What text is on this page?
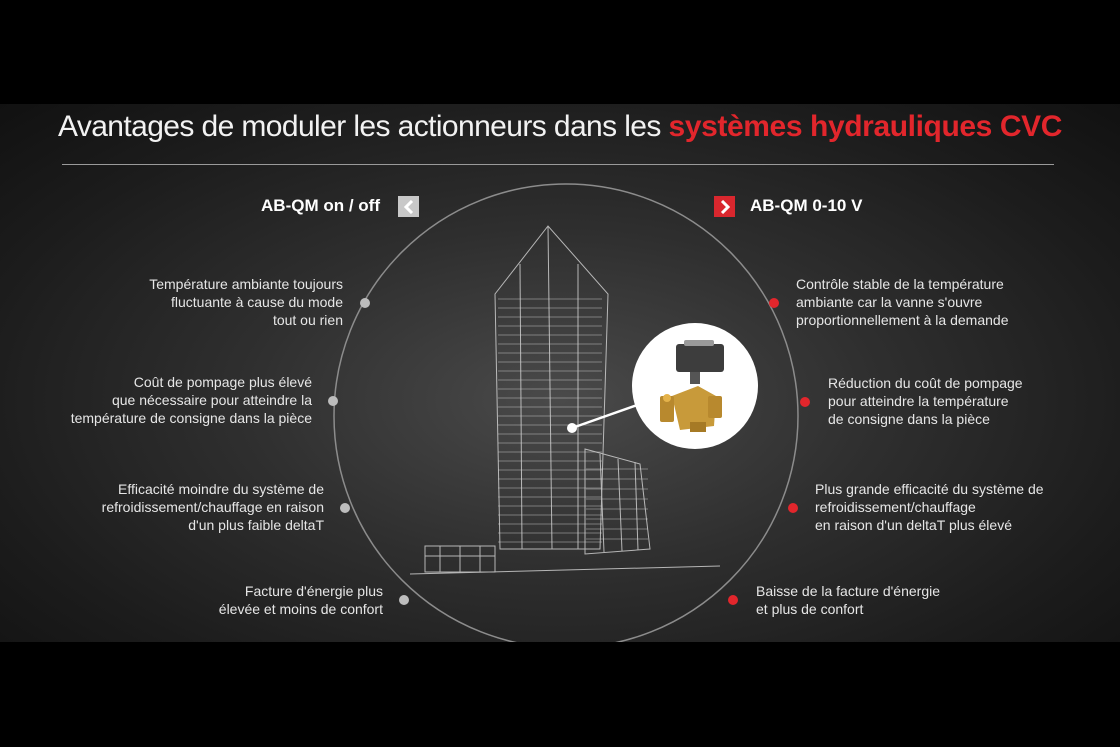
Avantages de moduler les actionneurs dans les systèmes hydrauliques CVC
AB-QM on / off	AB-QM 0-10 V
Température ambiante toujours
fluctuante à cause du mode
tout ou rien
Coût de pompage plus élevé
que nécessaire pour atteindre la
température de consigne dans la pièce
Efficacité moindre du système de
refroidissement/chauffage en raison
d'un plus faible deltaT
Facture d'énergie plus
élevée et moins de confort
Contrôle stable de la température
ambiante car la vanne s'ouvre
proportionnellement à la demande
Réduction du coût de pompage
pour atteindre la température
de consigne dans la pièce
Plus grande efficacité du système de
refroidissement/chauffage
en raison d'un deltaT plus élevé
Baisse de la facture d'énergie
et plus de confort
